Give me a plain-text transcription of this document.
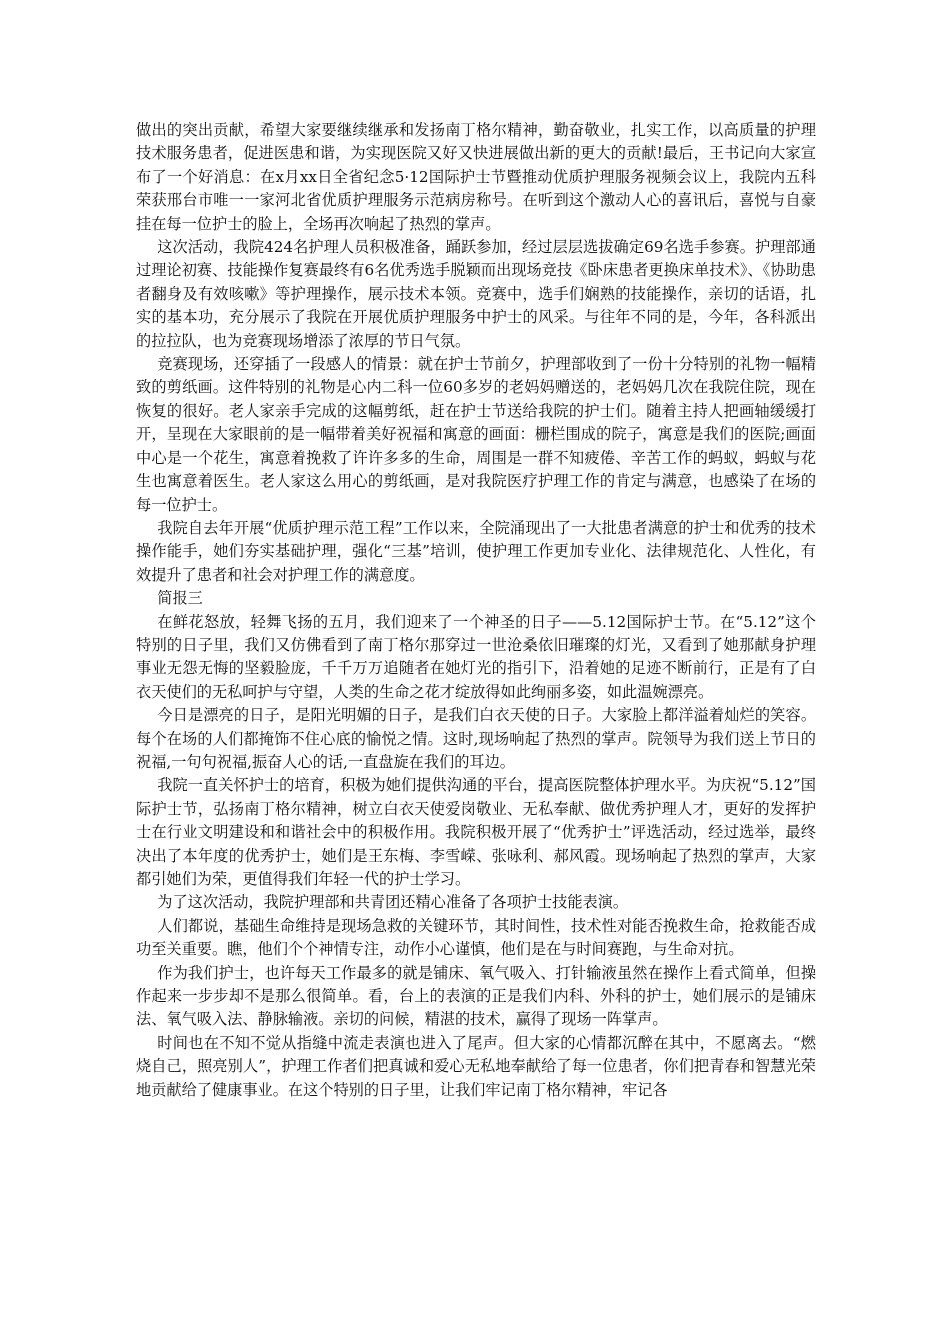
做出的突出贡献，希望大家要继续继承和发扬南丁格尔精神，勤奋敬业，扎实工作，以高质量的护理技术服务患者，促进医患和谐，为实现医院又好又快进展做出新的更大的贡献!最后，王书记向大家宣布了一个好消息：在x月xx日全省纪念5·12国际护士节暨推动优质护理服务视频会议上，我院内五科荣获邢台市唯一一家河北省优质护理服务示范病房称号。在听到这个激动人心的喜讯后，喜悦与自豪挂在每一位护士的脸上，全场再次响起了热烈的掌声。

这次活动，我院424名护理人员积极准备，踊跃参加，经过层层选拔确定69名选手参赛。护理部通过理论初赛、技能操作复赛最终有6名优秀选手脱颖而出现场竞技《卧床患者更换床单技术》、《协助患者翻身及有效咳嗽》等护理操作，展示技术本领。竞赛中，选手们娴熟的技能操作，亲切的话语，扎实的基本功，充分展示了我院在开展优质护理服务中护士的风采。与往年不同的是，今年，各科派出的拉拉队，也为竞赛现场增添了浓厚的节日气氛。

竞赛现场，还穿插了一段感人的情景：就在护士节前夕，护理部收到了一份十分特别的礼物一幅精致的剪纸画。这件特别的礼物是心内二科一位60多岁的老妈妈赠送的，老妈妈几次在我院住院，现在恢复的很好。老人家亲手完成的这幅剪纸，赶在护士节送给我院的护士们。随着主持人把画轴缓缓打开，呈现在大家眼前的是一幅带着美好祝福和寓意的画面：栅栏围成的院子，寓意是我们的医院;画面中心是一个花生，寓意着挽救了许许多多的生命，周围是一群不知疲倦、辛苦工作的蚂蚁，蚂蚁与花生也寓意着医生。老人家这么用心的剪纸画，是对我院医疗护理工作的肯定与满意，也感染了在场的每一位护士。

我院自去年开展“优质护理示范工程”工作以来，全院涌现出了一大批患者满意的护士和优秀的技术操作能手，她们夯实基础护理，强化“三基”培训，使护理工作更加专业化、法律规范化、人性化，有效提升了患者和社会对护理工作的满意度。

简报三

在鲜花怒放，轻舞飞扬的五月，我们迎来了一个神圣的日子——5.12国际护士节。在“5.12”这个特别的日子里，我们又仿佛看到了南丁格尔那穿过一世沧桑依旧璀璨的灯光，又看到了她那献身护理事业无怨无悔的坚毅脸庞，千千万万追随者在她灯光的指引下，沿着她的足迹不断前行，正是有了白衣天使们的无私呵护与守望，人类的生命之花才绽放得如此绚丽多姿，如此温婉漂亮。

今日是漂亮的日子，是阳光明媚的日子，是我们白衣天使的日子。大家脸上都洋溢着灿烂的笑容。每个在场的人们都掩饰不住心底的愉悦之情。这时,现场响起了热烈的掌声。院领导为我们送上节日的祝福,一句句祝福,振奋人心的话,一直盘旋在我们的耳边。

我院一直关怀护士的培育，积极为她们提供沟通的平台，提高医院整体护理水平。为庆祝“5.12”国际护士节，弘扬南丁格尔精神，树立白衣天使爱岗敬业、无私奉献、做优秀护理人才，更好的发挥护士在行业文明建设和和谐社会中的积极作用。我院积极开展了“优秀护士”评选活动，经过选举，最终决出了本年度的优秀护士，她们是王东梅、李雪嵘、张咏利、郝风霞。现场响起了热烈的掌声，大家都引她们为荣，更值得我们年轻一代的护士学习。

为了这次活动，我院护理部和共青团还精心准备了各项护士技能表演。

人们都说，基础生命维持是现场急救的关键环节，其时间性，技术性对能否挽救生命，抢救能否成功至关重要。瞧，他们个个神情专注，动作小心谨慎，他们是在与时间赛跑，与生命对抗。

作为我们护士，也许每天工作最多的就是铺床、氧气吸入、打针输液虽然在操作上看式简单，但操作起来一步步却不是那么很简单。看，台上的表演的正是我们内科、外科的护士，她们展示的是铺床法、氧气吸入法、静脉输液。亲切的问候，精湛的技术，赢得了现场一阵掌声。

时间也在不知不觉从指缝中流走表演也进入了尾声。但大家的心情都沉醉在其中，不愿离去。“燃烧自己，照亮别人”，护理工作者们把真诚和爱心无私地奉献给了每一位患者，你们把青春和智慧光荣地贡献给了健康事业。在这个特别的日子里，让我们牢记南丁格尔精神，牢记各
